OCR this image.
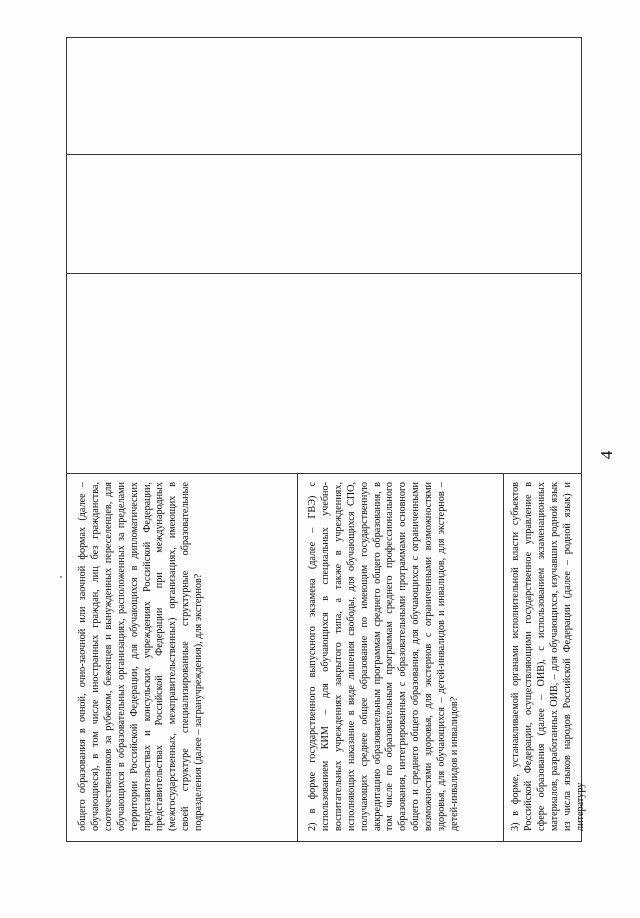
4
общего образования в очной, очно-заочной или заочной формах (далее – обучающиеся), в том числе иностранных граждан, лиц без гражданства, соотечественников за рубежом, беженцев и вынужденных переселенцев, для обучающихся в образовательных организациях, расположенных за пределами территории Российской Федерации, для обучающихся в дипломатических представительствах и консульских учреждениях Российской Федерации, представительствах Российской Федерации при международных (межгосударственных, межправительственных) организациях, имеющих в своей структуре специализированные структурные образовательные подразделения (далее – загранучреждения), для экстернов?	2) в форме государственного выпускного экзамена (далее – ГВЭ) с использованием КИМ – для обучающихся в специальных учебно-воспитательных учреждениях закрытого типа, а также в учреждениях, исполняющих наказание в виде лишения свободы, для обучающихся СПО, получающих среднее общее образование по имеющим государственную аккредитацию образовательным программам среднего общего образования, в том числе по образовательным программам среднего профессионального образования, интегрированным с образовательными программами основного общего и среднего общего образования, для обучающихся с ограниченными возможностями здоровья, для экстернов с ограниченными возможностями здоровья, для обучающихся – детей-инвалидов и инвалидов, для экстернов – детей-инвалидов и инвалидов?	3) в форме, устанавливаемой органами исполнительной власти субъектов Российской Федерации, осуществляющими государственное управление в сфере образования (далее – ОИВ), с использованием экзаменационных материалов, разработанных ОИВ, – для обучающихся, изучавших родной язык из числа языков народов Российской Федерации (далее – родной язык) и литературу
